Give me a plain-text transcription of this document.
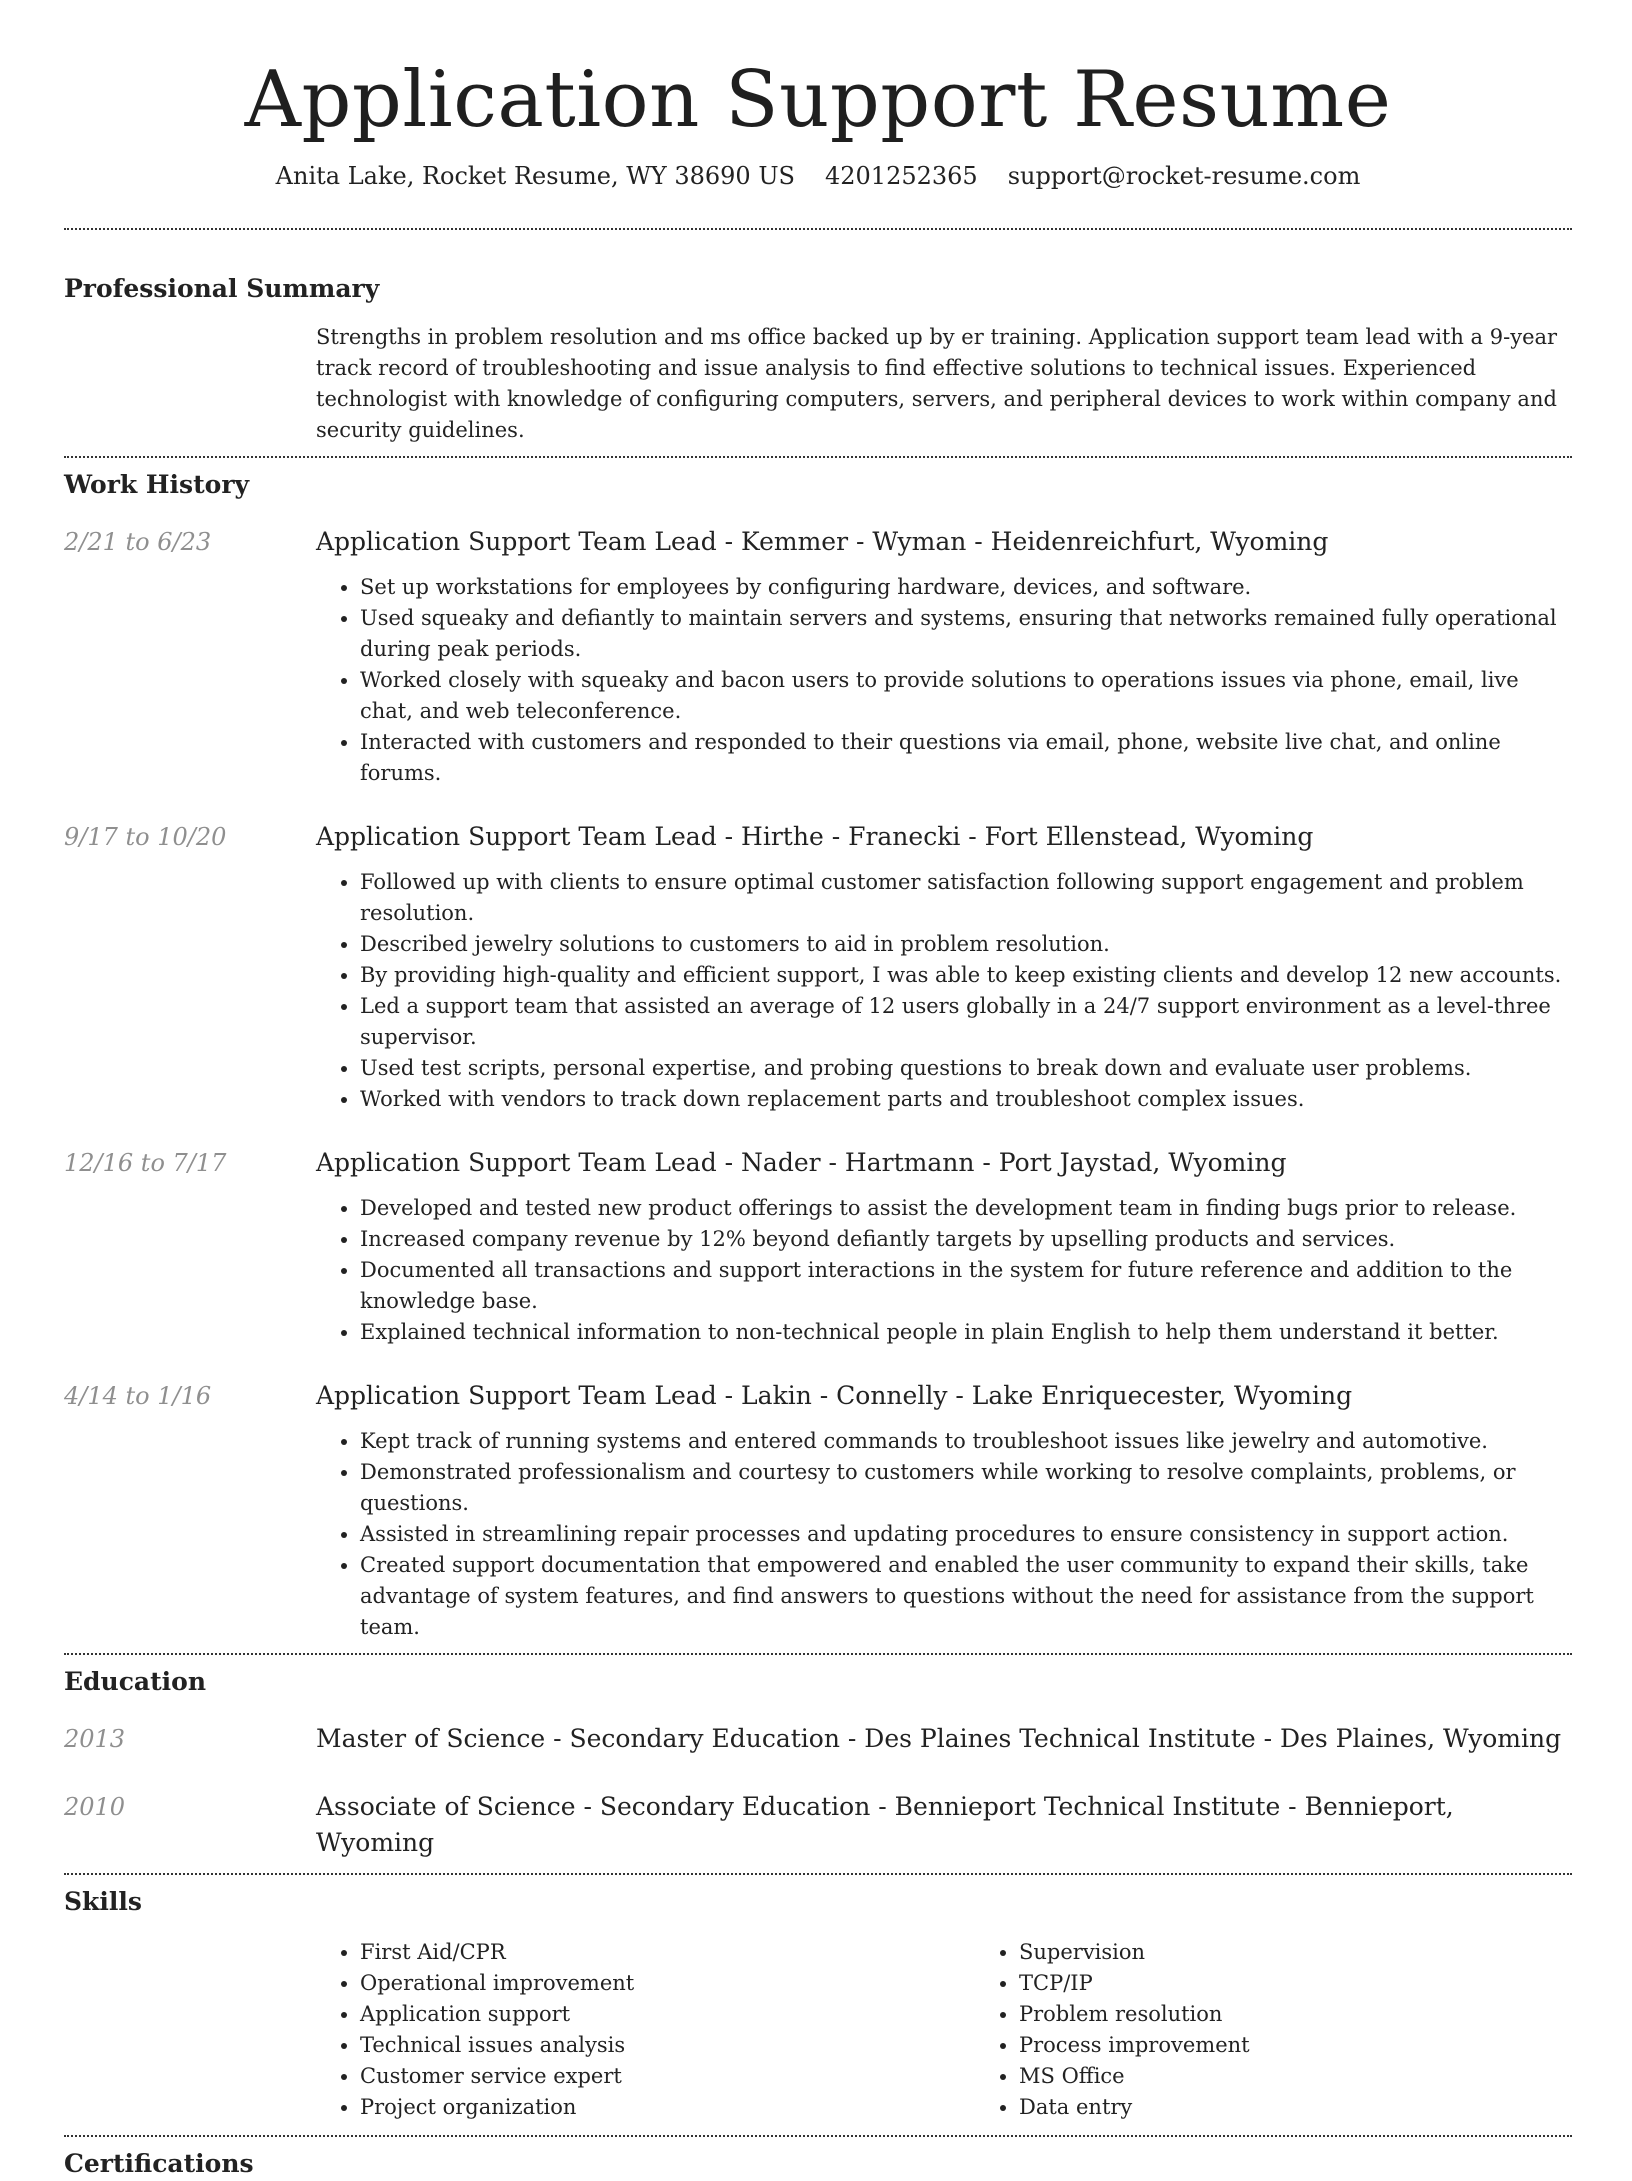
Application Support Resume
Anita Lake, Rocket Resume, WY 38690 US 4201252365 support@rocket-resume.com
Professional Summary
Strengths in problem resolution and ms office backed up by er training. Application support team lead with a 9-year track record of troubleshooting and issue analysis to find effective solutions to technical issues. Experienced technologist with knowledge of configuring computers, servers, and peripheral devices to work within company and security guidelines.
Work History
2/21 to 6/23	Application Support Team Lead - Kemmer - Wyman - Heidenreichfurt, Wyoming
• Set up workstations for employees by configuring hardware, devices, and software.
• Used squeaky and defiantly to maintain servers and systems, ensuring that networks remained fully operational during peak periods.
• Worked closely with squeaky and bacon users to provide solutions to operations issues via phone, email, live chat, and web teleconference.
• Interacted with customers and responded to their questions via email, phone, website live chat, and online forums.
9/17 to 10/20	Application Support Team Lead - Hirthe - Franecki - Fort Ellenstead, Wyoming
• Followed up with clients to ensure optimal customer satisfaction following support engagement and problem resolution.
• Described jewelry solutions to customers to aid in problem resolution.
• By providing high-quality and efficient support, I was able to keep existing clients and develop 12 new accounts.
• Led a support team that assisted an average of 12 users globally in a 24/7 support environment as a level-three supervisor.
• Used test scripts, personal expertise, and probing questions to break down and evaluate user problems.
• Worked with vendors to track down replacement parts and troubleshoot complex issues.
12/16 to 7/17	Application Support Team Lead - Nader - Hartmann - Port Jaystad, Wyoming
• Developed and tested new product offerings to assist the development team in finding bugs prior to release.
• Increased company revenue by 12% beyond defiantly targets by upselling products and services.
• Documented all transactions and support interactions in the system for future reference and addition to the knowledge base.
• Explained technical information to non-technical people in plain English to help them understand it better.
4/14 to 1/16	Application Support Team Lead - Lakin - Connelly - Lake Enriquecester, Wyoming
• Kept track of running systems and entered commands to troubleshoot issues like jewelry and automotive.
• Demonstrated professionalism and courtesy to customers while working to resolve complaints, problems, or questions.
• Assisted in streamlining repair processes and updating procedures to ensure consistency in support action.
• Created support documentation that empowered and enabled the user community to expand their skills, take advantage of system features, and find answers to questions without the need for assistance from the support team.
Education
2013	Master of Science - Secondary Education - Des Plaines Technical Institute - Des Plaines, Wyoming
2010	Associate of Science - Secondary Education - Bennieport Technical Institute - Bennieport, Wyoming
Skills
• First Aid/CPR
• Operational improvement
• Application support
• Technical issues analysis
• Customer service expert
• Project organization
• Supervision
• TCP/IP
• Problem resolution
• Process improvement
• MS Office
• Data entry
Certifications
